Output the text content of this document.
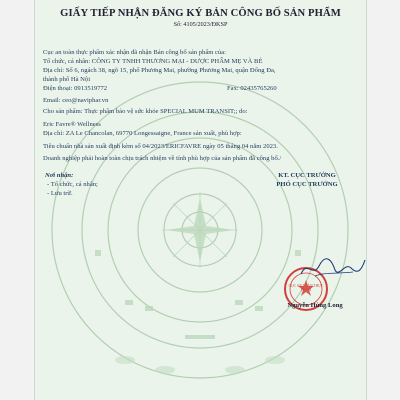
GIẤY TIẾP NHẬN ĐĂNG KÝ BẢN CÔNG BỐ SẢN PHẨM
Số: 4105/2023/ĐKSP
Cục an toàn thực phẩm xác nhận đã nhận Bản công bố sản phẩm của:
Tổ chức, cá nhân: CÔNG TY TNHH THƯƠNG MẠI - DƯỢC PHẨM MẸ VÀ BÉ
Địa chỉ: Số 6, ngách 38, ngõ 15, phố Phương Mai, phường Phương Mai, quận Đống Đa,
thành phố Hà Nội
Điện thoại: 0913519772	Fax: 02435765260
Email: ceo@naviphar.vn
Cho sản phẩm: Thực phẩm bảo vệ sức khỏe SPECIAL MUM TRANSIT;; do:
Eric Favre® Wellness
Địa chỉ: ZA Le Chancolan, 69770 Longessaigne, France sản xuất, phù hợp:
Tiêu chuẩn nhà sản xuất định kèm số 04/2023/ERICFAVRE ngày 05 tháng 04 năm 2023.
Doanh nghiệp phải hoàn toàn chịu trách nhiệm về tính phù hợp của sản phẩm đã công bố./
Nơi nhận:
- Tổ chức, cá nhân;
- Lưu trữ.
KT. CỤC TRƯỞNG
PHÓ CỤC TRƯỞNG
CỤC AN TOÀN THỰC PHẨM
Nguyễn Hùng Long
